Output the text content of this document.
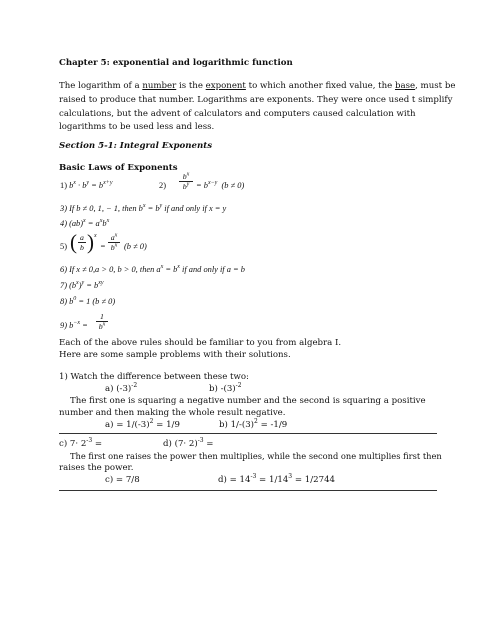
Chapter 5: exponential and logarithmic function
The logarithm of a number is the exponent to which another fixed value, the base, must be
raised to produce that number. Logarithms are exponents. They were once used t simplify
calculations, but the advent of calculators and computers caused calculation with
logarithms to be used less and less.
Section 5-1: Integral Exponents
Basic Laws of Exponents
1) $b^x \cdot b^y = b^{x+y}$	2)
$b^x$
$b^y = b^{x-y}$ (b ≠ 0)
3) If b ≠ 0, 1, − 1, then $b^x = b^y$ if and only if x = y
4) $(ab)^x = a^xb^x$
5) ( a
b ) x
=
$a^x$
$b^x$ (b ≠ 0)
6) If x ≠ 0,a > 0, b > 0, then $a^x = b^x$ if and only if a = b
7) $(b^x)^y = b^{xy}$
8) $b^0 = 1$ (b ≠ 0)
9) $b^{-x}$ =
1
$b^x$
Each of the above rules should be familiar to you from algebra I.
Here are some sample problems with their solutions.
1) Watch the difference between these two:
a) $(-3)^{-2}$	b) $-(3)^{-2}$
The first one is squaring a negative number and the second is squaring a positive
number and then making the whole result negative.
$a) = 1/(-3)^2 = 1/9$	b) $1/-(3)^2 = -1/9$
c) $7\cdot 2^{-3}$ =	d) $(7\cdot 2)^{-3}$ =
The first one raises the power then multiplies, while the second one multiplies first then
raises the power.
c) = 7/8	$d) = 14^{-3} = 1/14^3 = 1/2744$
